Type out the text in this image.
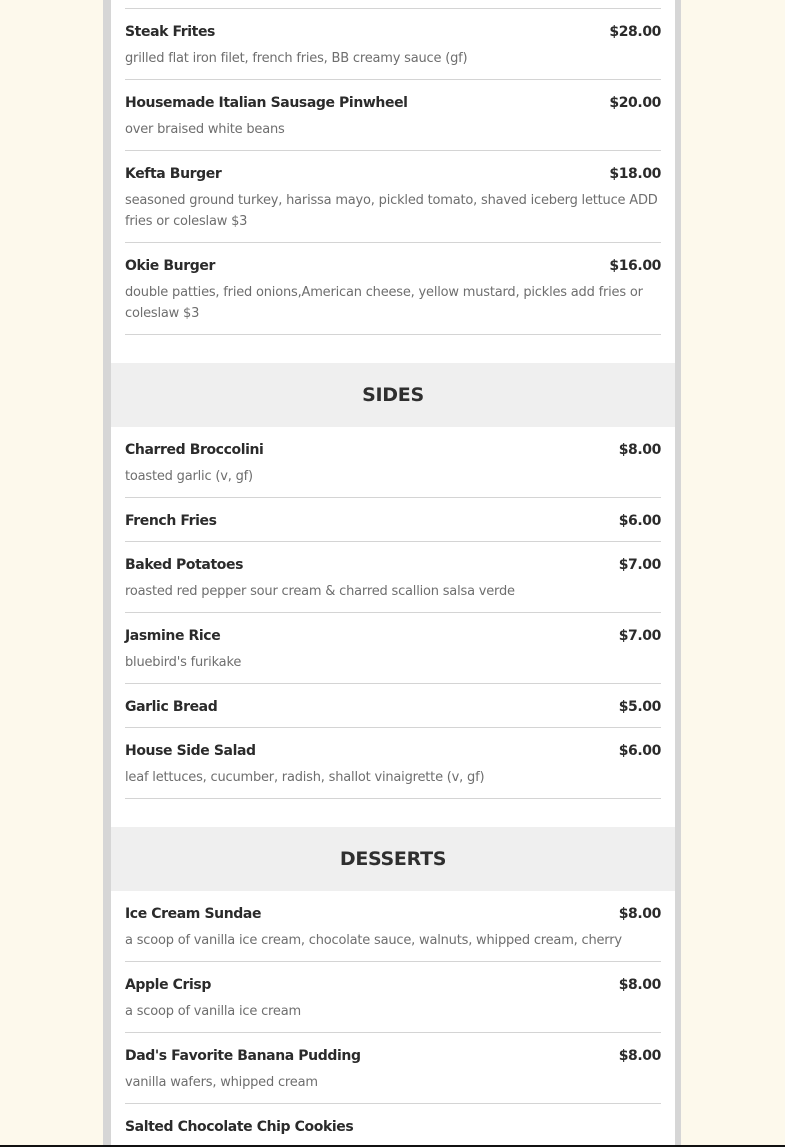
Steak Frites	$28.00
grilled flat iron filet, french fries, BB creamy sauce (gf)
Housemade Italian Sausage Pinwheel	$20.00
over braised white beans
Kefta Burger	$18.00
seasoned ground turkey, harissa mayo, pickled tomato, shaved iceberg lettuce ADD fries or coleslaw $3
Okie Burger	$16.00
double patties, fried onions,American cheese, yellow mustard, pickles add fries or coleslaw $3
SIDES
Charred Broccolini	$8.00
toasted garlic (v, gf)
French Fries	$6.00
Baked Potatoes	$7.00
roasted red pepper sour cream & charred scallion salsa verde
Jasmine Rice	$7.00
bluebird's furikake
Garlic Bread	$5.00
House Side Salad	$6.00
leaf lettuces, cucumber, radish, shallot vinaigrette (v, gf)
DESSERTS
Ice Cream Sundae	$8.00
a scoop of vanilla ice cream, chocolate sauce, walnuts, whipped cream, cherry
Apple Crisp	$8.00
a scoop of vanilla ice cream
Dad's Favorite Banana Pudding	$8.00
vanilla wafers, whipped cream
Salted Chocolate Chip Cookies
